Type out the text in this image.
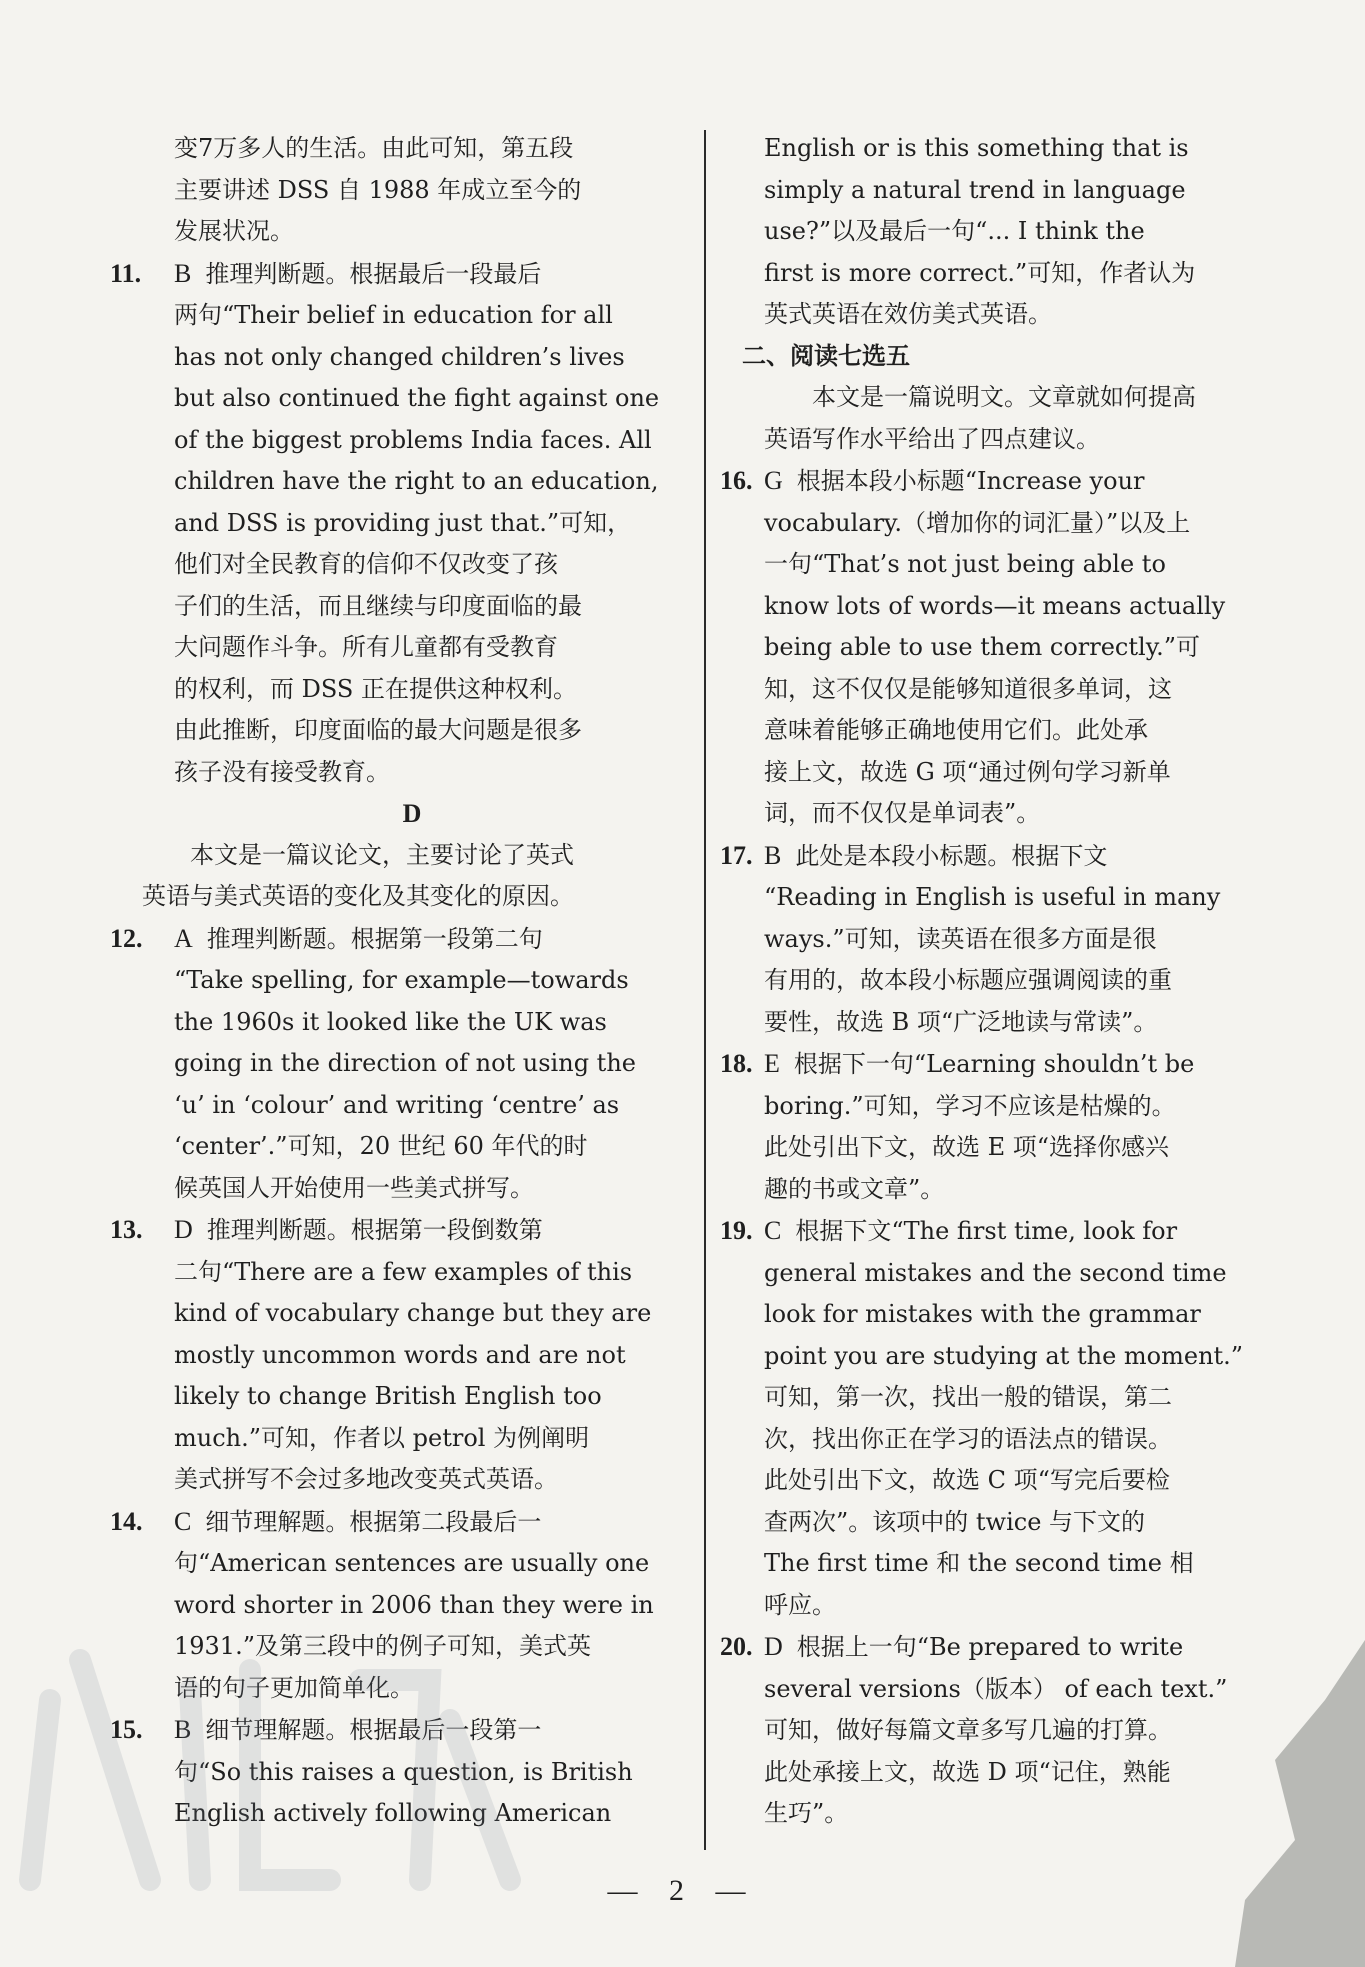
变7万多人的生活。由此可知，第五段
主要讲述 DSS 自 1988 年成立至今的
发展状况。
11.	B 推理判断题。根据最后一段最后
两句“Their belief in education for all
has not only changed children’s lives
but also continued the fight against one
of the biggest problems India faces. All
children have the right to an education,
and DSS is providing just that.”可知，
他们对全民教育的信仰不仅改变了孩
子们的生活，而且继续与印度面临的最
大问题作斗争。所有儿童都有受教育
的权利，而 DSS 正在提供这种权利。
由此推断，印度面临的最大问题是很多
孩子没有接受教育。
D
本文是一篇议论文，主要讨论了英式
英语与美式英语的变化及其变化的原因。
12.	A 推理判断题。根据第一段第二句
“Take spelling, for example—towards
the 1960s it looked like the UK was
going in the direction of not using the
‘u’ in ‘colour’ and writing ‘centre’ as
‘center’.”可知，20 世纪 60 年代的时
候英国人开始使用一些美式拼写。
13.	D 推理判断题。根据第一段倒数第
二句“There are a few examples of this
kind of vocabulary change but they are
mostly uncommon words and are not
likely to change British English too
much.”可知，作者以 petrol 为例阐明
美式拼写不会过多地改变英式英语。
14.	C 细节理解题。根据第二段最后一
句“American sentences are usually one
word shorter in 2006 than they were in
1931.”及第三段中的例子可知，美式英
语的句子更加简单化。
15.	B 细节理解题。根据最后一段第一
句“So this raises a question, is British
English actively following American
English or is this something that is
simply a natural trend in language
use?”以及最后一句“... I think the
first is more correct.”可知，作者认为
英式英语在效仿美式英语。
二、阅读七选五
本文是一篇说明文。文章就如何提高
英语写作水平给出了四点建议。
16. G 根据本段小标题“Increase your
vocabulary.（增加你的词汇量）”以及上
一句“That’s not just being able to
know lots of words—it means actually
being able to use them correctly.”可
知，这不仅仅是能够知道很多单词，这
意味着能够正确地使用它们。此处承
接上文，故选 G 项“通过例句学习新单
词，而不仅仅是单词表”。
17. B 此处是本段小标题。根据下文
“Reading in English is useful in many
ways.”可知，读英语在很多方面是很
有用的，故本段小标题应强调阅读的重
要性，故选 B 项“广泛地读与常读”。
18. E 根据下一句“Learning shouldn’t be
boring.”可知，学习不应该是枯燥的。
此处引出下文，故选 E 项“选择你感兴
趣的书或文章”。
19. C 根据下文“The first time, look for
general mistakes and the second time
look for mistakes with the grammar
point you are studying at the moment.”
可知，第一次，找出一般的错误，第二
次，找出你正在学习的语法点的错误。
此处引出下文，故选 C 项“写完后要检
查两次”。该项中的 twice 与下文的
The first time 和 the second time 相
呼应。
20. D 根据上一句“Be prepared to write
several versions（版本） of each text.”
可知，做好每篇文章多写几遍的打算。
此处承接上文，故选 D 项“记住，熟能
生巧”。
— 2 —
